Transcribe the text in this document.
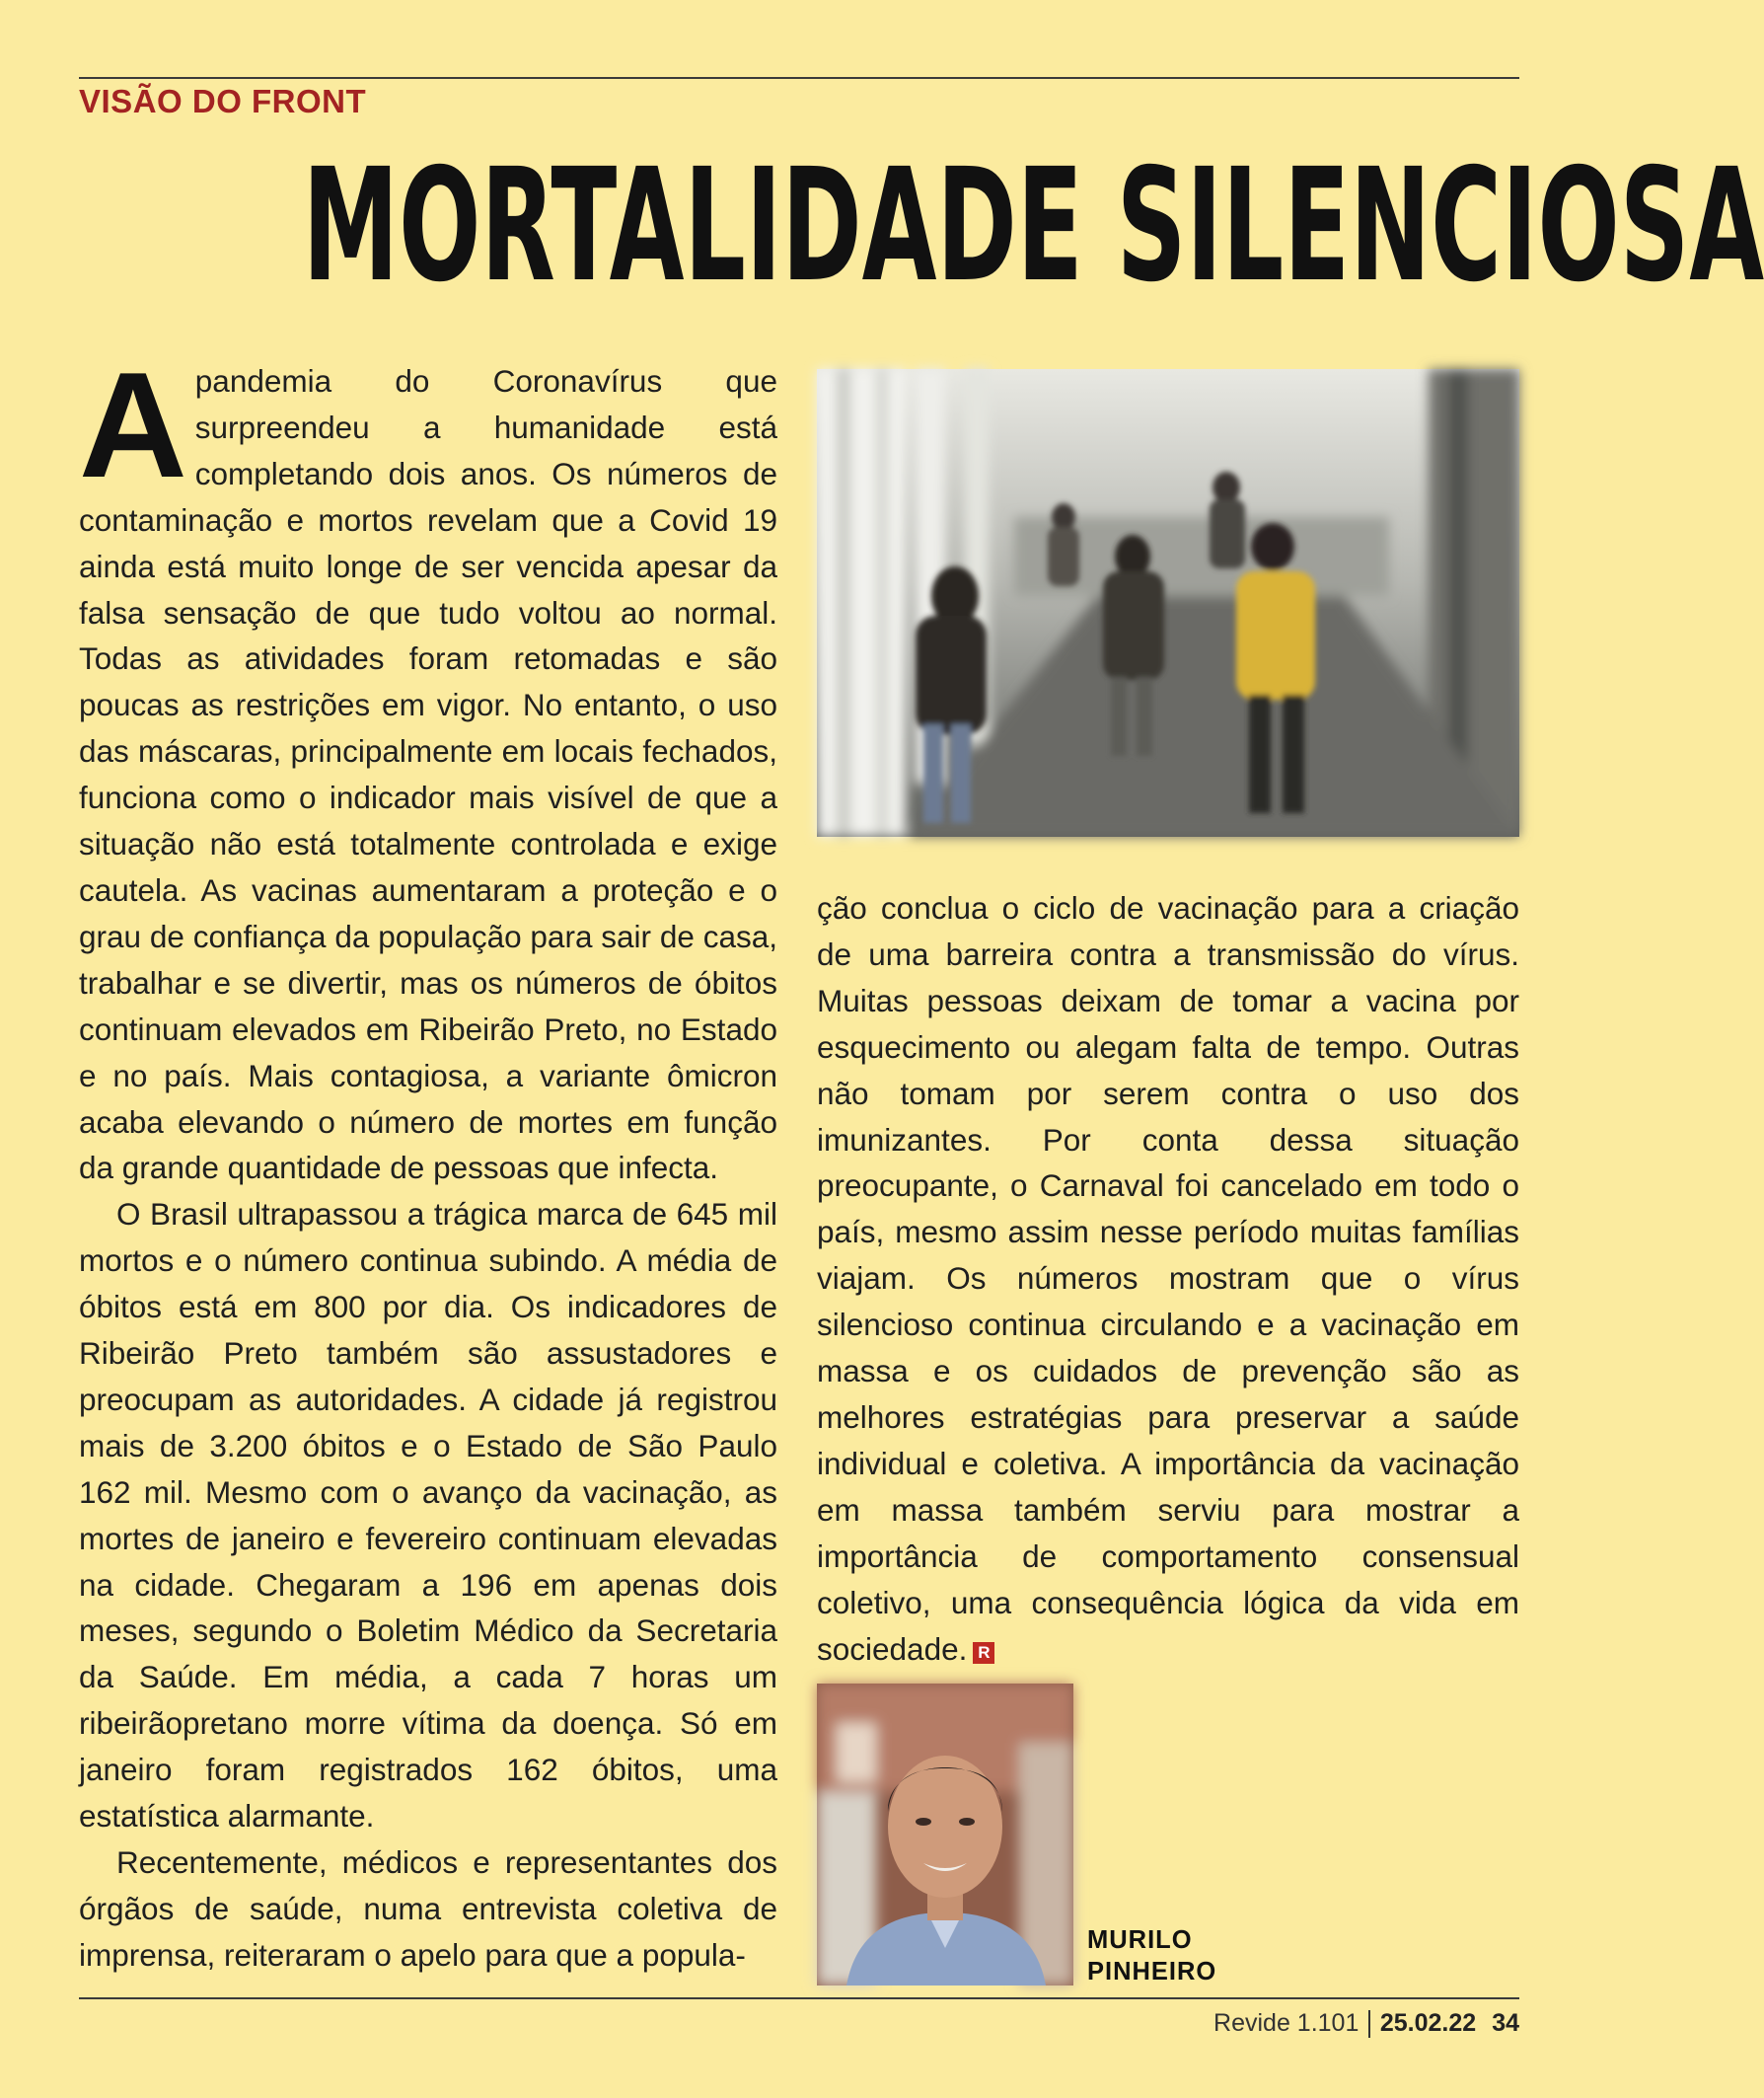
VISÃO DO FRONT
MORTALIDADE SILENCIOSA

Apandemia do Coronavírus que surpreendeu a humanidade está completando dois anos. Os números de contaminação e mortos revelam que a Covid 19 ainda está muito longe de ser vencida apesar da falsa sensação de que tudo voltou ao normal. Todas as atividades foram retomadas e são poucas as restrições em vigor. No entanto, o uso das máscaras, principalmente em locais fechados, funciona como o indicador mais visível de que a situação não está totalmente controlada e exige cautela. As vacinas aumentaram a proteção e o grau de confiança da população para sair de casa, trabalhar e se divertir, mas os números de óbitos continuam elevados em Ribeirão Preto, no Estado e no país. Mais contagiosa, a variante ômicron acaba elevando o número de mortes em função da grande quantidade de pessoas que infecta.

O Brasil ultrapassou a trágica marca de 645 mil mortos e o número continua subindo. A média de óbitos está em 800 por dia. Os indicadores de Ribeirão Preto também são assustadores e preocupam as autoridades. A cidade já registrou mais de 3.200 óbitos e o Estado de São Paulo 162 mil. Mesmo com o avanço da vacinação, as mortes de janeiro e fevereiro continuam elevadas na cidade. Chegaram a 196 em apenas dois meses, segundo o Boletim Médico da Secretaria da Saúde. Em média, a cada 7 horas um ribeirãopretano morre vítima da doença. Só em janeiro foram registrados 162 óbitos, uma estatística alarmante.

Recentemente, médicos e representantes dos órgãos de saúde, numa entrevista coletiva de imprensa, reiteraram o apelo para que a popula-

ção conclua o ciclo de vacinação para a criação de uma barreira contra a transmissão do vírus. Muitas pessoas deixam de tomar a vacina por esquecimento ou alegam falta de tempo. Outras não tomam por serem contra o uso dos imunizantes. Por conta dessa situação preocupante, o Carnaval foi cancelado em todo o país, mesmo assim nesse período muitas famílias viajam. Os números mostram que o vírus silencioso continua circulando e a vacinação em massa e os cuidados de prevenção são as melhores estratégias para preservar a saúde individual e coletiva. A importância da vacinação em massa também serviu para mostrar a importância de comportamento consensual coletivo, uma consequência lógica da vida em sociedade. R

MURILO
PINHEIRO
Revide 1.101 25.02.22 34
